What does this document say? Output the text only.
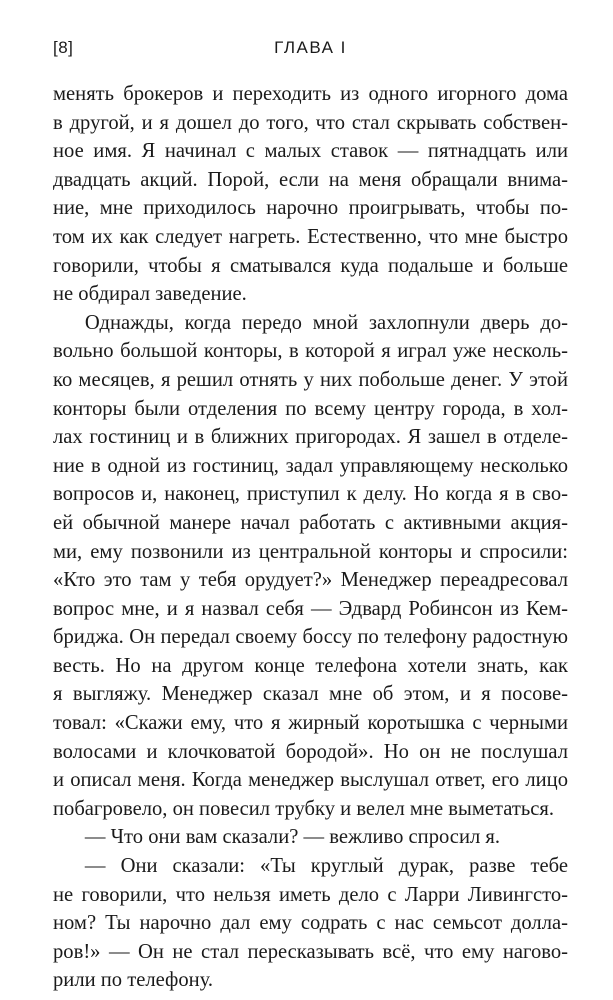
[8]	ГЛАВА I
менять брокеров и переходить из одного игорного дома
в другой, и я дошел до того, что стал скрывать собствен-
ное имя. Я начинал с малых ставок — пятнадцать или
двадцать акций. Порой, если на меня обращали внима-
ние, мне приходилось нарочно проигрывать, чтобы по-
том их как следует нагреть. Естественно, что мне быстро
говорили, чтобы я сматывался куда подальше и больше
не обдирал заведение.
Однажды, когда передо мной захлопнули дверь до-
вольно большой конторы, в которой я играл уже несколь-
ко месяцев, я решил отнять у них побольше денег. У этой
конторы были отделения по всему центру города, в хол-
лах гостиниц и в ближних пригородах. Я зашел в отделе-
ние в одной из гостиниц, задал управляющему несколько
вопросов и, наконец, приступил к делу. Но когда я в сво-
ей обычной манере начал работать с активными акция-
ми, ему позвонили из центральной конторы и спросили:
«Кто это там у тебя орудует?» Менеджер переадресовал
вопрос мне, и я назвал себя — Эдвард Робинсон из Кем-
бриджа. Он передал своему боссу по телефону радостную
весть. Но на другом конце телефона хотели знать, как
я выгляжу. Менеджер сказал мне об этом, и я посове-
товал: «Скажи ему, что я жирный коротышка с черными
волосами и клочковатой бородой». Но он не послушал
и описал меня. Когда менеджер выслушал ответ, его лицо
побагровело, он повесил трубку и велел мне выметаться.
— Что они вам сказали? — вежливо спросил я.
— Они сказали: «Ты круглый дурак, разве тебе
не говорили, что нельзя иметь дело с Ларри Ливингсто-
ном? Ты нарочно дал ему содрать с нас семьсот долла-
ров!» — Он не стал пересказывать всё, что ему нагово-
рили по телефону.
